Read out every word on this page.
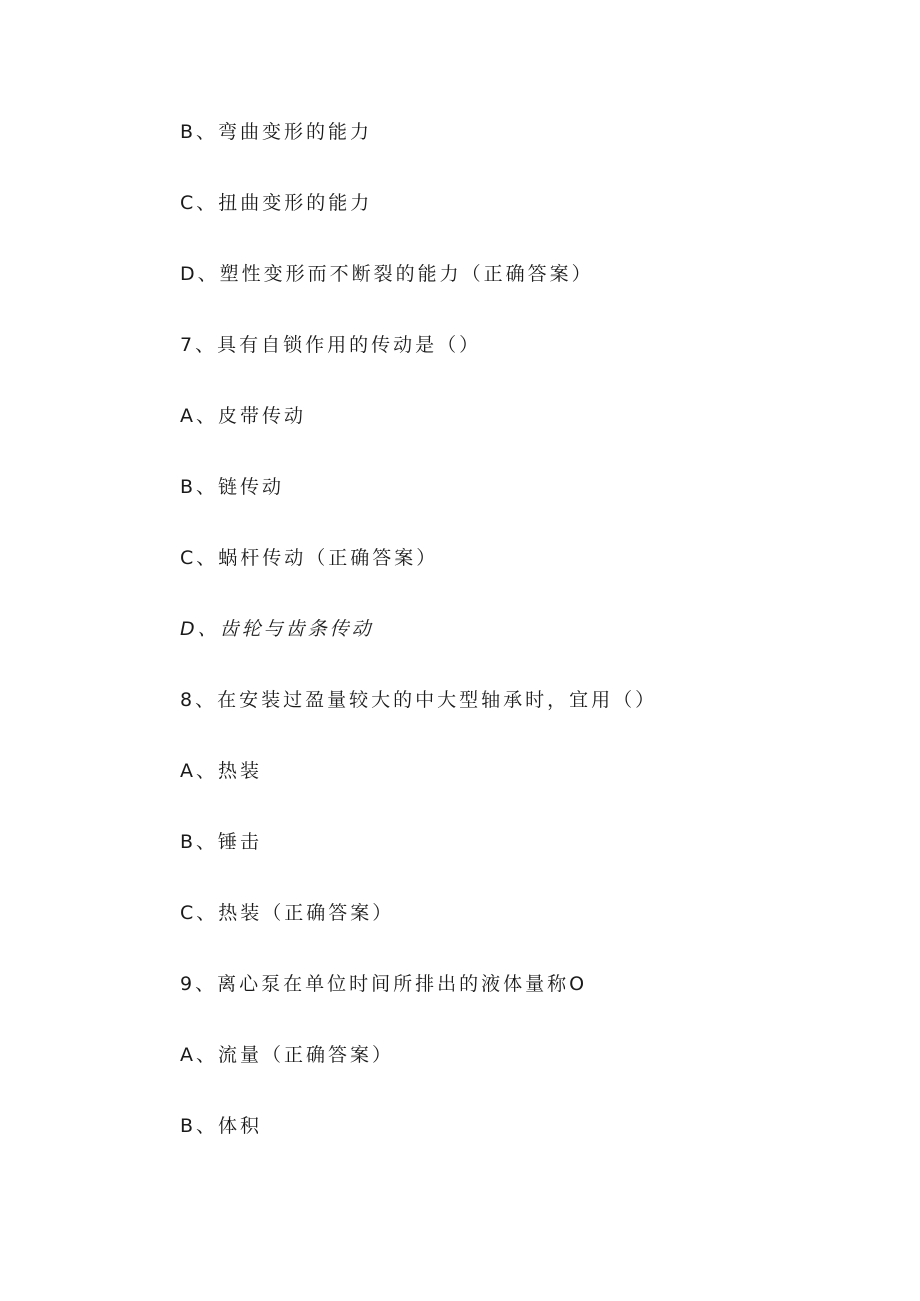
B、弯曲变形的能力
C、扭曲变形的能力
D、塑性变形而不断裂的能力（正确答案）
7、具有自锁作用的传动是（）
A、皮带传动
B、链传动
C、蜗杆传动（正确答案）
D、齿轮与齿条传动
8、在安装过盈量较大的中大型轴承时，宜用（）
A、热装
B、锤击
C、热装（正确答案）
9、离心泵在单位时间所排出的液体量称O
A、流量（正确答案）
B、体积
